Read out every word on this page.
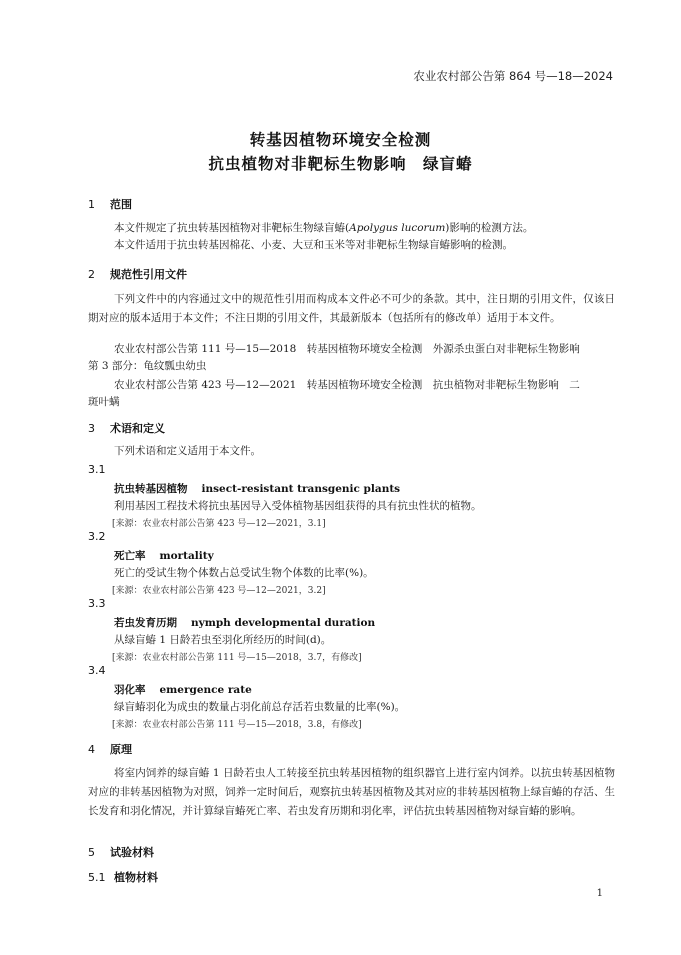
农业农村部公告第 864 号—18—2024
转基因植物环境安全检测
抗虫植物对非靶标生物影响　绿盲蝽
1 范围
本文件规定了抗虫转基因植物对非靶标生物绿盲蝽(Apolygus lucorum)影响的检测方法。
本文件适用于抗虫转基因棉花、小麦、大豆和玉米等对非靶标生物绿盲蝽影响的检测。
2 规范性引用文件
下列文件中的内容通过文中的规范性引用而构成本文件必不可少的条款。其中，注日期的引用文件，仅该日期对应的版本适用于本文件；不注日期的引用文件，其最新版本（包括所有的修改单）适用于本文件。
农业农村部公告第 111 号—15—2018　转基因植物环境安全检测　外源杀虫蛋白对非靶标生物影响
第 3 部分：龟纹瓢虫幼虫
农业农村部公告第 423 号—12—2021　转基因植物环境安全检测　抗虫植物对非靶标生物影响　二
斑叶螨
3 术语和定义
下列术语和定义适用于本文件。
3.1
抗虫转基因植物 insect-resistant transgenic plants
利用基因工程技术将抗虫基因导入受体植物基因组获得的具有抗虫性状的植物。
[来源：农业农村部公告第 423 号—12—2021，3.1]
3.2
死亡率 mortality
死亡的受试生物个体数占总受试生物个体数的比率(%)。
[来源：农业农村部公告第 423 号—12—2021，3.2]
3.3
若虫发育历期 nymph developmental duration
从绿盲蝽 1 日龄若虫至羽化所经历的时间(d)。
[来源：农业农村部公告第 111 号—15—2018，3.7，有修改]
3.4
羽化率 emergence rate
绿盲蝽羽化为成虫的数量占羽化前总存活若虫数量的比率(%)。
[来源：农业农村部公告第 111 号—15—2018，3.8，有修改]
4 原理
将室内饲养的绿盲蝽 1 日龄若虫人工转接至抗虫转基因植物的组织器官上进行室内饲养。以抗虫转基因植物对应的非转基因植物为对照，饲养一定时间后，观察抗虫转基因植物及其对应的非转基因植物上绿盲蝽的存活、生长发育和羽化情况，并计算绿盲蝽死亡率、若虫发育历期和羽化率，评估抗虫转基因植物对绿盲蝽的影响。
5 试验材料
5.1 植物材料
1
